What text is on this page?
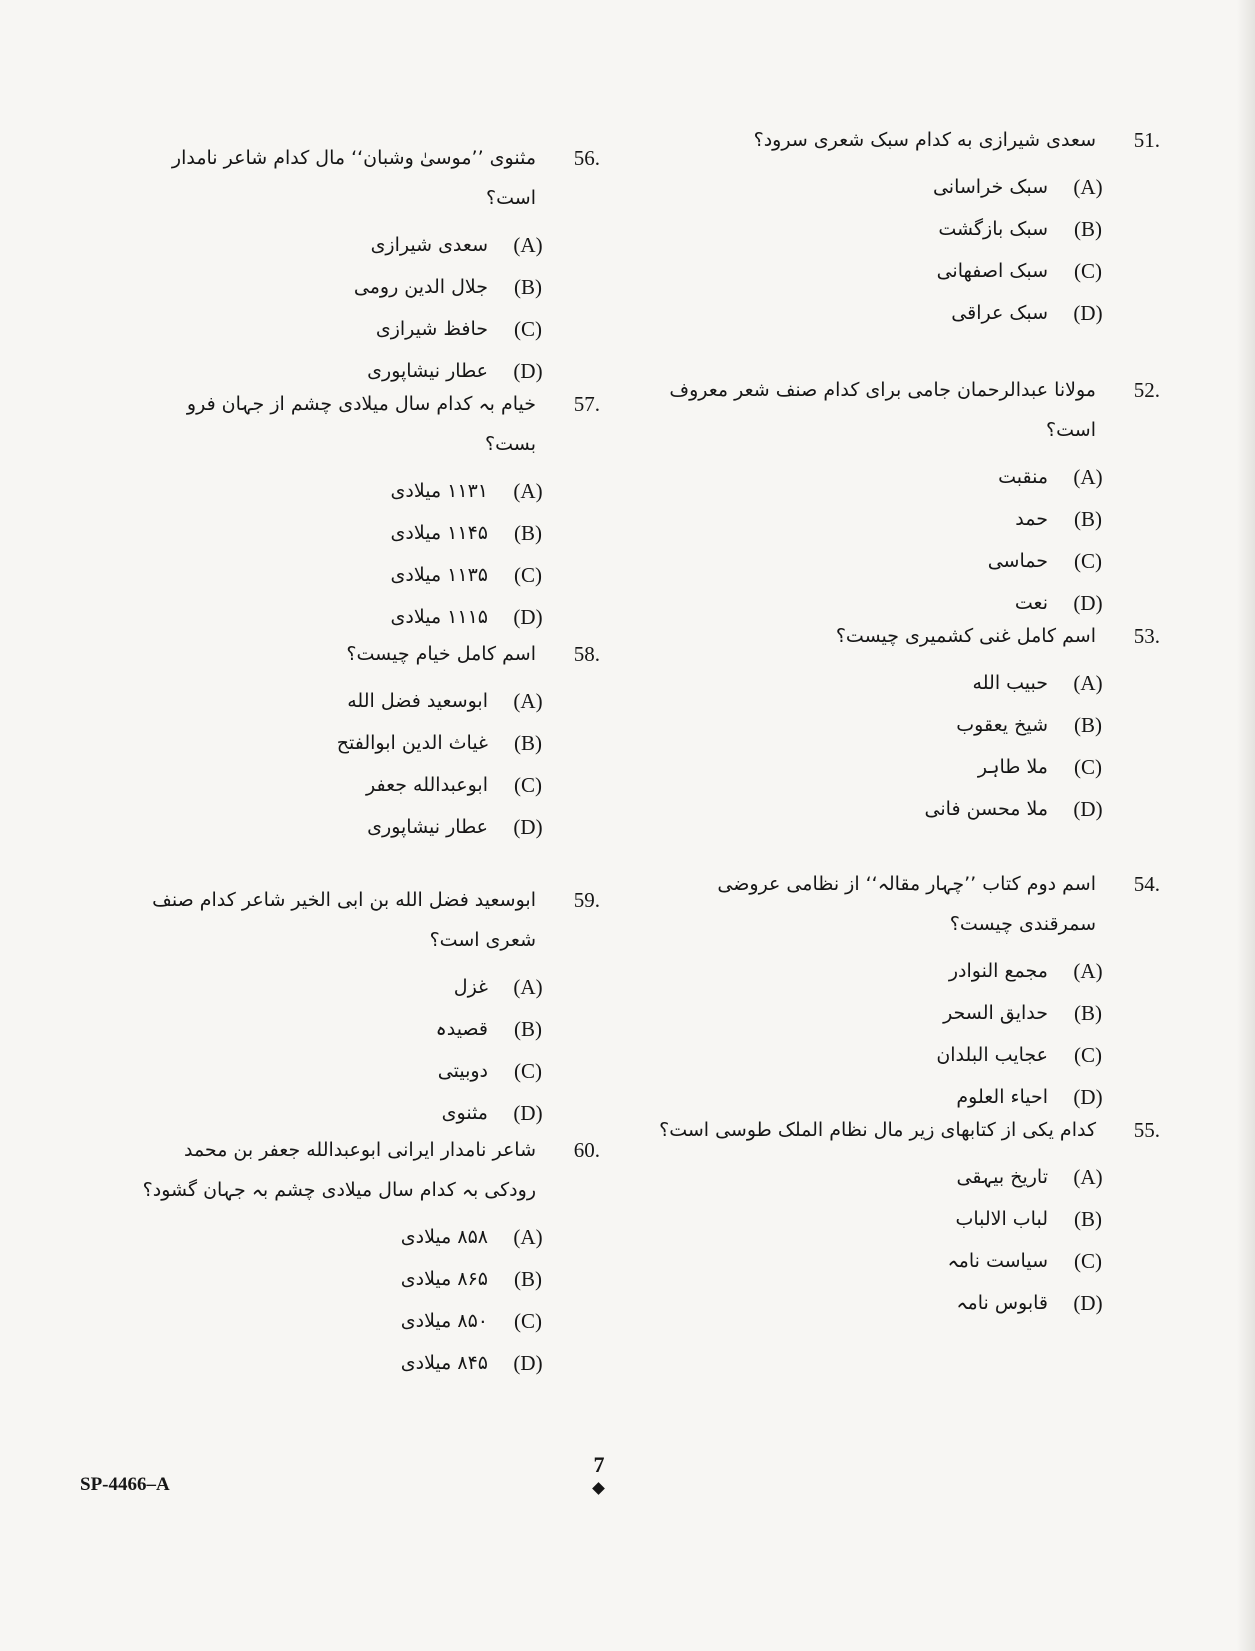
51.
سعدی شیرازی به کدام سبک شعری سرود؟
(A)
سبک خراسانی
(B)
سبک بازگشت
(C)
سبک اصفهانی
(D)
سبک عراقی
52.
مولانا عبدالرحمان جامی برای کدام صنف شعر معروف است؟
(A)
منقبت
(B)
حمد
(C)
حماسی
(D)
نعت
53.
اسم کامل غنی کشمیری چیست؟
(A)
حبیب الله
(B)
شیخ یعقوب
(C)
ملا طاہر
(D)
ملا محسن فانی
54.
اسم دوم کتاب ’’چہار مقالہ‘‘ از نظامی عروضی سمرقندی چیست؟
(A)
مجمع النوادر
(B)
حدایق السحر
(C)
عجایب البلدان
(D)
احیاء العلوم
55.
کدام یکی از کتابهای زیر مال نظام الملک طوسی است؟
(A)
تاریخ بیہقی
(B)
لباب الالباب
(C)
سیاست نامہ
(D)
قابوس نامہ
56.
مثنوی ’’موسیٰ وشبان‘‘ مال کدام شاعر نامدار است؟
(A)
سعدی شیرازی
(B)
جلال الدین رومی
(C)
حافظ شیرازی
(D)
عطار نیشاپوری
57.
خیام بہ کدام سال میلادی چشم از جہان فرو بست؟
(A)
۱۱۳۱ میلادی
(B)
۱۱۴۵ میلادی
(C)
۱۱۳۵ میلادی
(D)
۱۱۱۵ میلادی
58.
اسم کامل خیام چیست؟
(A)
ابوسعید فضل الله
(B)
غیاث الدین ابوالفتح
(C)
ابوعبدالله جعفر
(D)
عطار نیشاپوری
59.
ابوسعید فضل الله بن ابی الخیر شاعر کدام صنف شعری است؟
(A)
غزل
(B)
قصیدہ
(C)
دوبیتی
(D)
مثنوی
60.
شاعر نامدار ایرانی ابوعبدالله جعفر بن محمد رودکی بہ کدام سال میلادی چشم بہ جہان گشود؟
(A)
۸۵۸ میلادی
(B)
۸۶۵ میلادی
(C)
۸۵۰ میلادی
(D)
۸۴۵ میلادی
SP-4466–A
7
